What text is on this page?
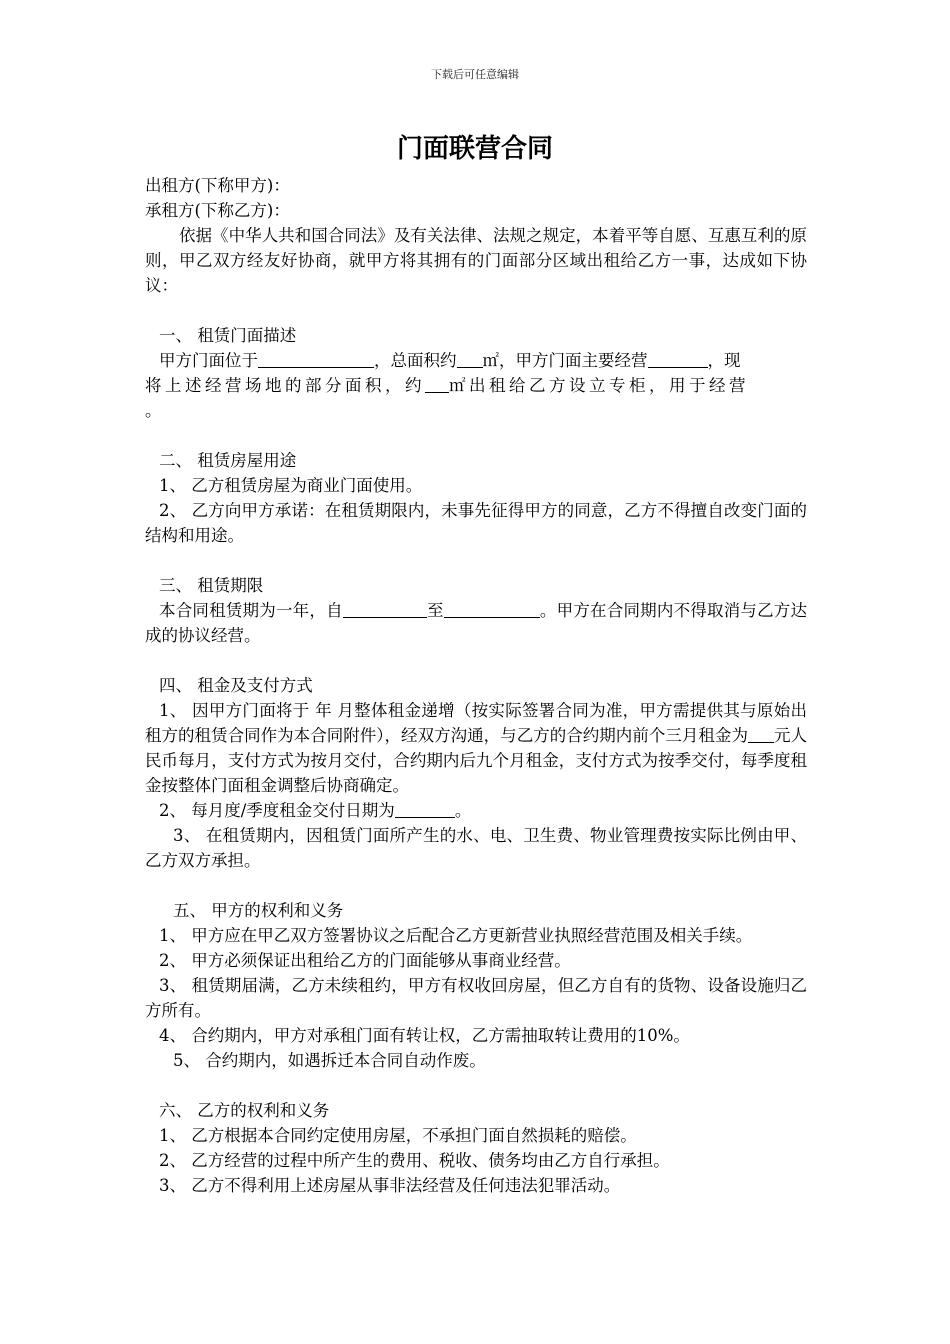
下载后可任意编辑
门面联营合同
出租方(下称甲方)：
承租方(下称乙方)：
依据《中华人共和国合同法》及有关法律、法规之规定，本着平等自愿、互惠互利的原则，甲乙双方经友好协商，就甲方将其拥有的门面部分区域出租给乙方一事，达成如下协议：
一、 租赁门面描述
甲方门面位于	，总面积约 ㎡，甲方门面主要经营	，现
将上述经营场地的部分面积，约 ㎡出租给乙方设立专柜，用于经营
。
二、 租赁房屋用途
1、 乙方租赁房屋为商业门面使用。
2、 乙方向甲方承诺：在租赁期限内，未事先征得甲方的同意，乙方不得擅自改变门面的结构和用途。
三、 租赁期限
本合同租赁期为一年，自	至	。甲方在合同期内不得取消与乙方达成的协议经营。
四、 租金及支付方式
1、 因甲方门面将于 年 月整体租金递增（按实际签署合同为准，甲方需提供其与原始出租方的租赁合同作为本合同附件），经双方沟通，与乙方的合约期内前个三月租金为 元人民币每月，支付方式为按月交付，合约期内后九个月租金，支付方式为按季交付，每季度租金按整体门面租金调整后协商确定。
2、 每月度/季度租金交付日期为	。
3、 在租赁期内，因租赁门面所产生的水、电、卫生费、物业管理费按实际比例由甲、乙方双方承担。
五、 甲方的权利和义务
1、 甲方应在甲乙双方签署协议之后配合乙方更新营业执照经营范围及相关手续。
2、 甲方必须保证出租给乙方的门面能够从事商业经营。
3、 租赁期届满，乙方未续租约，甲方有权收回房屋，但乙方自有的货物、设备设施归乙方所有。
4、 合约期内，甲方对承租门面有转让权，乙方需抽取转让费用的10%。
5、 合约期内，如遇拆迁本合同自动作废。
六、 乙方的权利和义务
1、 乙方根据本合同约定使用房屋，不承担门面自然损耗的赔偿。
2、 乙方经营的过程中所产生的费用、税收、债务均由乙方自行承担。
3、 乙方不得利用上述房屋从事非法经营及任何违法犯罪活动。
